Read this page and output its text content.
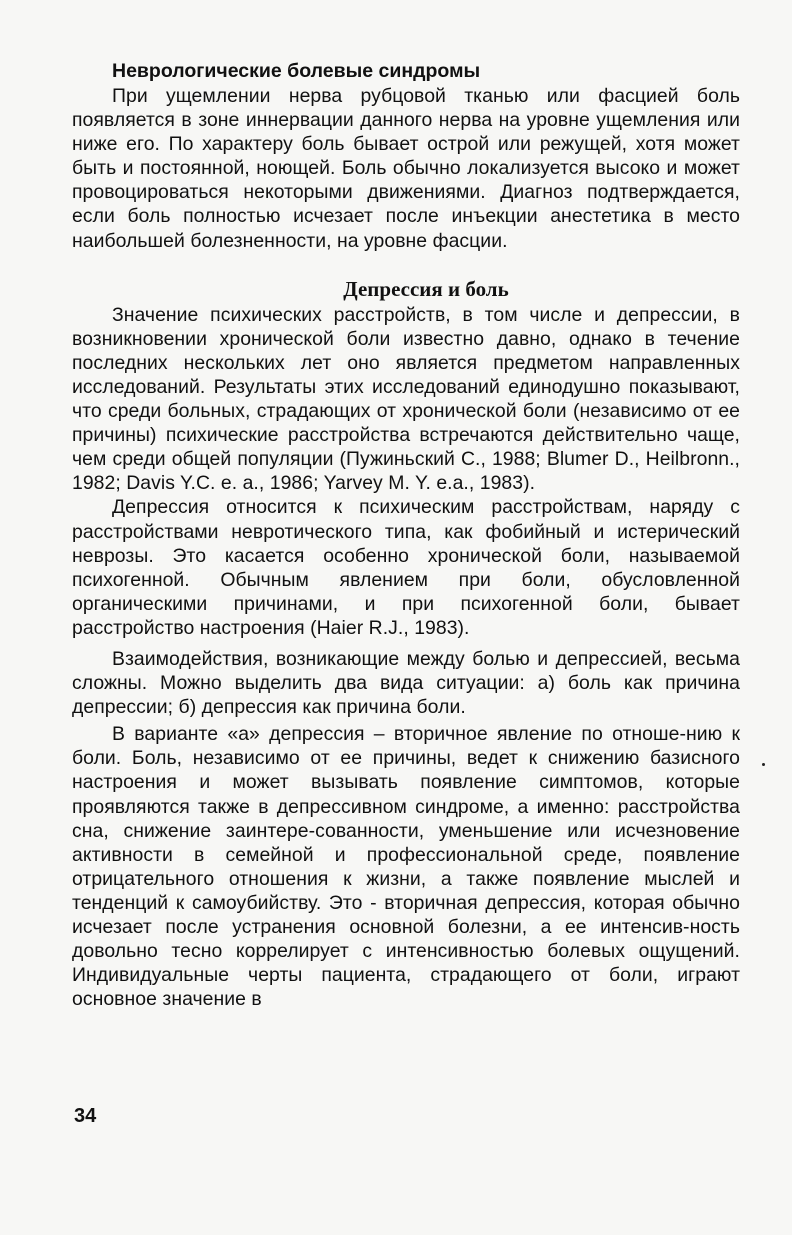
Неврологические болевые синдромы

При ущемлении нерва рубцовой тканью или фасцией боль появляется в зоне иннервации данного нерва на уровне ущемления или ниже его. По характеру боль бывает острой или режущей, хотя может быть и постоянной, ноющей. Боль обычно локализуется высоко и может провоцироваться некоторыми движениями. Диагноз подтверждается, если боль полностью исчезает после инъекции анестетика в место наибольшей болезненности, на уровне фасции.

Депрессия и боль

Значение психических расстройств, в том числе и депрессии, в возникновении хронической боли известно давно, однако в течение последних нескольких лет оно является предметом направленных исследований. Результаты этих исследований единодушно показывают, что среди больных, страдающих от хронической боли (независимо от ее причины) психические расстройства встречаются действительно чаще, чем среди общей популяции (Пужиньский С., 1988; Blumer D., Heilbronn., 1982; Davis Y.C. e. a., 1986; Yarvey M. Y. e.a., 1983).

Депрессия относится к психическим расстройствам, наряду с расстройствами невротического типа, как фобийный и истерический неврозы. Это касается особенно хронической боли, называемой психогенной. Обычным явлением при боли, обусловленной органическими причинами, и при психогенной боли, бывает расстройство настроения (Haier R.J., 1983).

Взаимодействия, возникающие между болью и депрессией, весьма сложны. Можно выделить два вида ситуации: а) боль как причина депрессии; б) депрессия как причина боли.

В варианте «а» депрессия – вторичное явление по отноше-нию к боли. Боль, независимо от ее причины, ведет к снижению базисного настроения и может вызывать появление симптомов, которые проявляются также в депрессивном синдроме, а именно: расстройства сна, снижение заинтере-сованности, уменьшение или исчезновение активности в семейной и профессиональной среде, появление отрицательного отношения к жизни, а также появление мыслей и тенденций к самоубийству. Это - вторичная депрессия, которая обычно исчезает после устранения основной болезни, а ее интенсив-ность довольно тесно коррелирует с интенсивностью болевых ощущений. Индивидуальные черты пациента, страдающего от боли, играют основное значение в

34
